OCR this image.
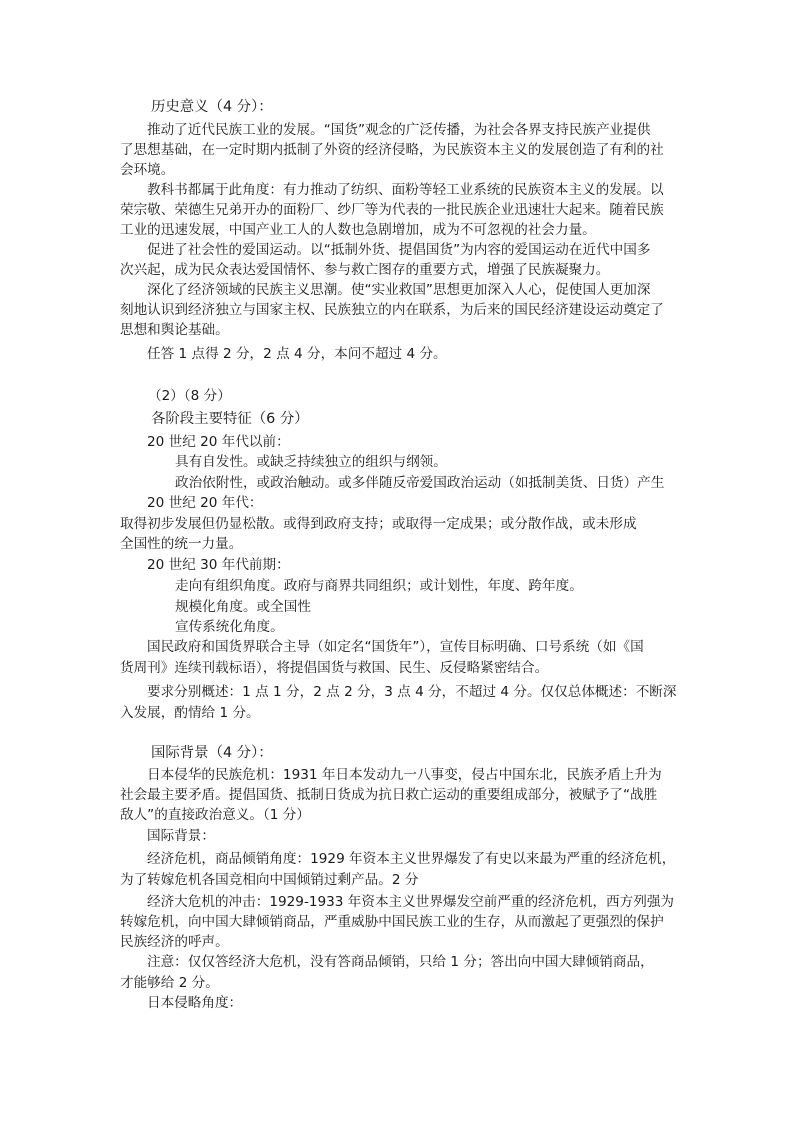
历史意义（4 分）：

推动了近代民族工业的发展。“国货”观念的广泛传播，为社会各界支持民族产业提供

了思想基础，在一定时期内抵制了外资的经济侵略，为民族资本主义的发展创造了有利的社

会环境。

教科书都属于此角度：有力推动了纺织、面粉等轻工业系统的民族资本主义的发展。以

荣宗敬、荣德生兄弟开办的面粉厂、纱厂等为代表的一批民族企业迅速壮大起来。随着民族

工业的迅速发展，中国产业工人的人数也急剧增加，成为不可忽视的社会力量。

促进了社会性的爱国运动。以“抵制外货、提倡国货”为内容的爱国运动在近代中国多

次兴起，成为民众表达爱国情怀、参与救亡图存的重要方式，增强了民族凝聚力。

深化了经济领域的民族主义思潮。使“实业救国”思想更加深入人心，促使国人更加深

刻地认识到经济独立与国家主权、民族独立的内在联系，为后来的国民经济建设运动奠定了

思想和舆论基础。

任答 1 点得 2 分，2 点 4 分，本问不超过 4 分。

（2）（8 分）

各阶段主要特征（6 分）

20 世纪 20 年代以前：

具有自发性。或缺乏持续独立的组织与纲领。

政治依附性，或政治触动。或多伴随反帝爱国政治运动（如抵制美货、日货）产生

20 世纪 20 年代：

取得初步发展但仍显松散。或得到政府支持；或取得一定成果；或分散作战，或未形成

全国性的统一力量。

20 世纪 30 年代前期：

走向有组织角度。政府与商界共同组织；或计划性，年度、跨年度。

规模化角度。或全国性

宣传系统化角度。

国民政府和国货界联合主导（如定名“国货年”），宣传目标明确、口号系统（如《国

货周刊》连续刊载标语），将提倡国货与救国、民生、反侵略紧密结合。

要求分别概述：1 点 1 分，2 点 2 分，3 点 4 分，不超过 4 分。仅仅总体概述：不断深

入发展，酌情给 1 分。

国际背景（4 分）：

日本侵华的民族危机：1931 年日本发动九一八事变，侵占中国东北，民族矛盾上升为

社会最主要矛盾。提倡国货、抵制日货成为抗日救亡运动的重要组成部分，被赋予了“战胜

敌人”的直接政治意义。（1 分）

国际背景：

经济危机，商品倾销角度：1929 年资本主义世界爆发了有史以来最为严重的经济危机，

为了转嫁危机各国竞相向中国倾销过剩产品。2 分

经济大危机的冲击：1929-1933 年资本主义世界爆发空前严重的经济危机，西方列强为

转嫁危机，向中国大肆倾销商品，严重威胁中国民族工业的生存，从而激起了更强烈的保护

民族经济的呼声。

注意：仅仅答经济大危机，没有答商品倾销，只给 1 分；答出向中国大肆倾销商品，

才能够给 2 分。

日本侵略角度：
